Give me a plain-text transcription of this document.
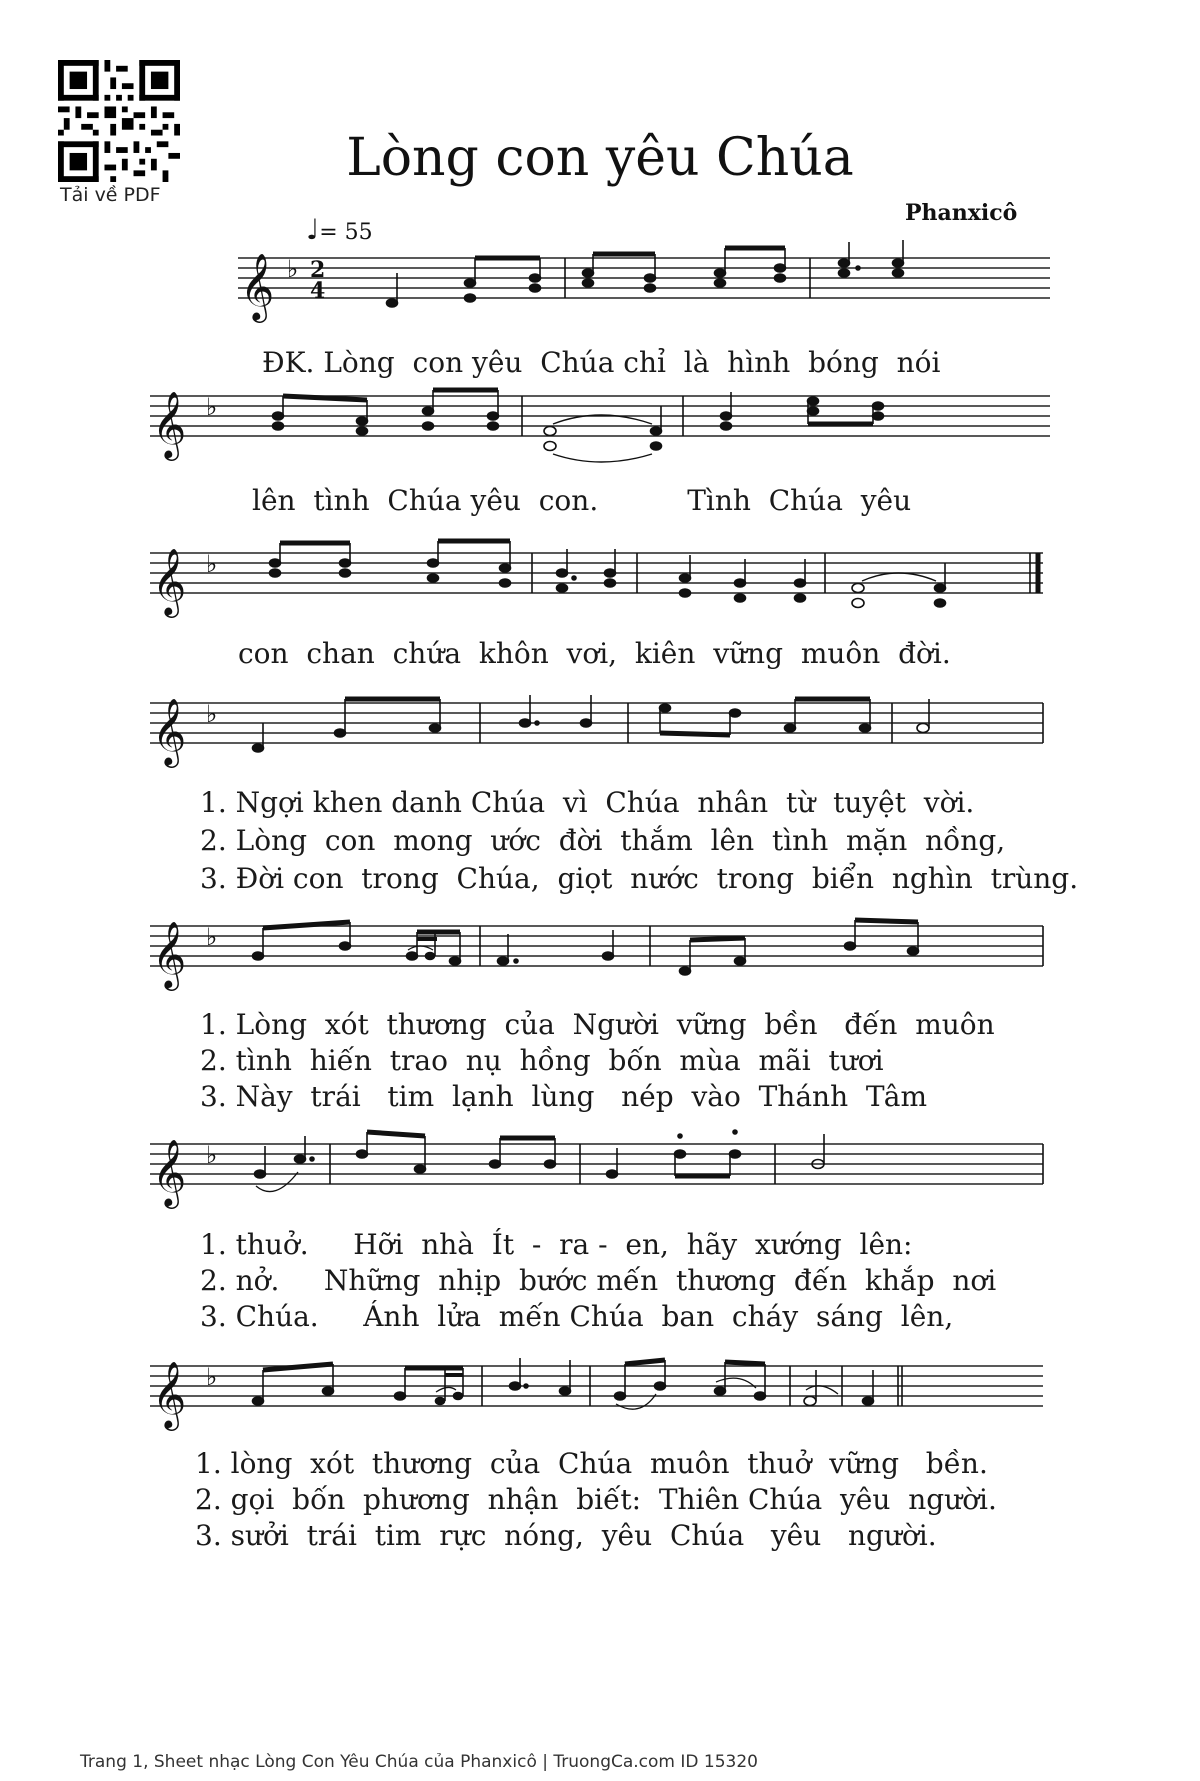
Tải về PDF
Lòng con yêu Chúa
Phanxicô
♩= 55
𝄞 ♭ 2
4
ĐK. Lòng  con yêu  Chúa chỉ  là  hình  bóng  nói
𝄞 ♭
lên  tình  Chúa yêu  con.          Tình  Chúa  yêu
𝄞 ♭
con  chan  chứa  khôn  vơi,  kiên  vững  muôn  đời.
𝄞 ♭
1. Ngợi khen danh Chúa  vì  Chúa  nhân  từ  tuyệt  vời.
2. Lòng  con  mong  ước  đời  thắm  lên  tình  mặn  nồng,
3. Đời con  trong  Chúa,  giọt  nước  trong  biển  nghìn  trùng.
𝄞 ♭
1. Lòng  xót  thương  của  Người  vững  bền   đến  muôn
2. tình  hiến  trao  nụ  hồng  bốn  mùa  mãi  tươi
3. Này  trái   tim  lạnh  lùng   nép  vào  Thánh  Tâm
𝄞 ♭
1. thuở.     Hỡi  nhà  Ít  -  ra -  en,  hãy  xướng  lên:
2. nở.     Những  nhịp  bước mến  thương  đến  khắp  nơi
3. Chúa.     Ánh  lửa  mến Chúa  ban  cháy  sáng  lên,
𝄞 ♭
1. lòng  xót  thương  của  Chúa  muôn  thuở  vững   bền.
2. gọi  bốn  phương  nhận  biết:  Thiên Chúa  yêu  người.
3. sưởi  trái  tim  rực  nóng,  yêu  Chúa   yêu   người.
Trang 1, Sheet nhạc Lòng Con Yêu Chúa của Phanxicô | TruongCa.com ID 15320
